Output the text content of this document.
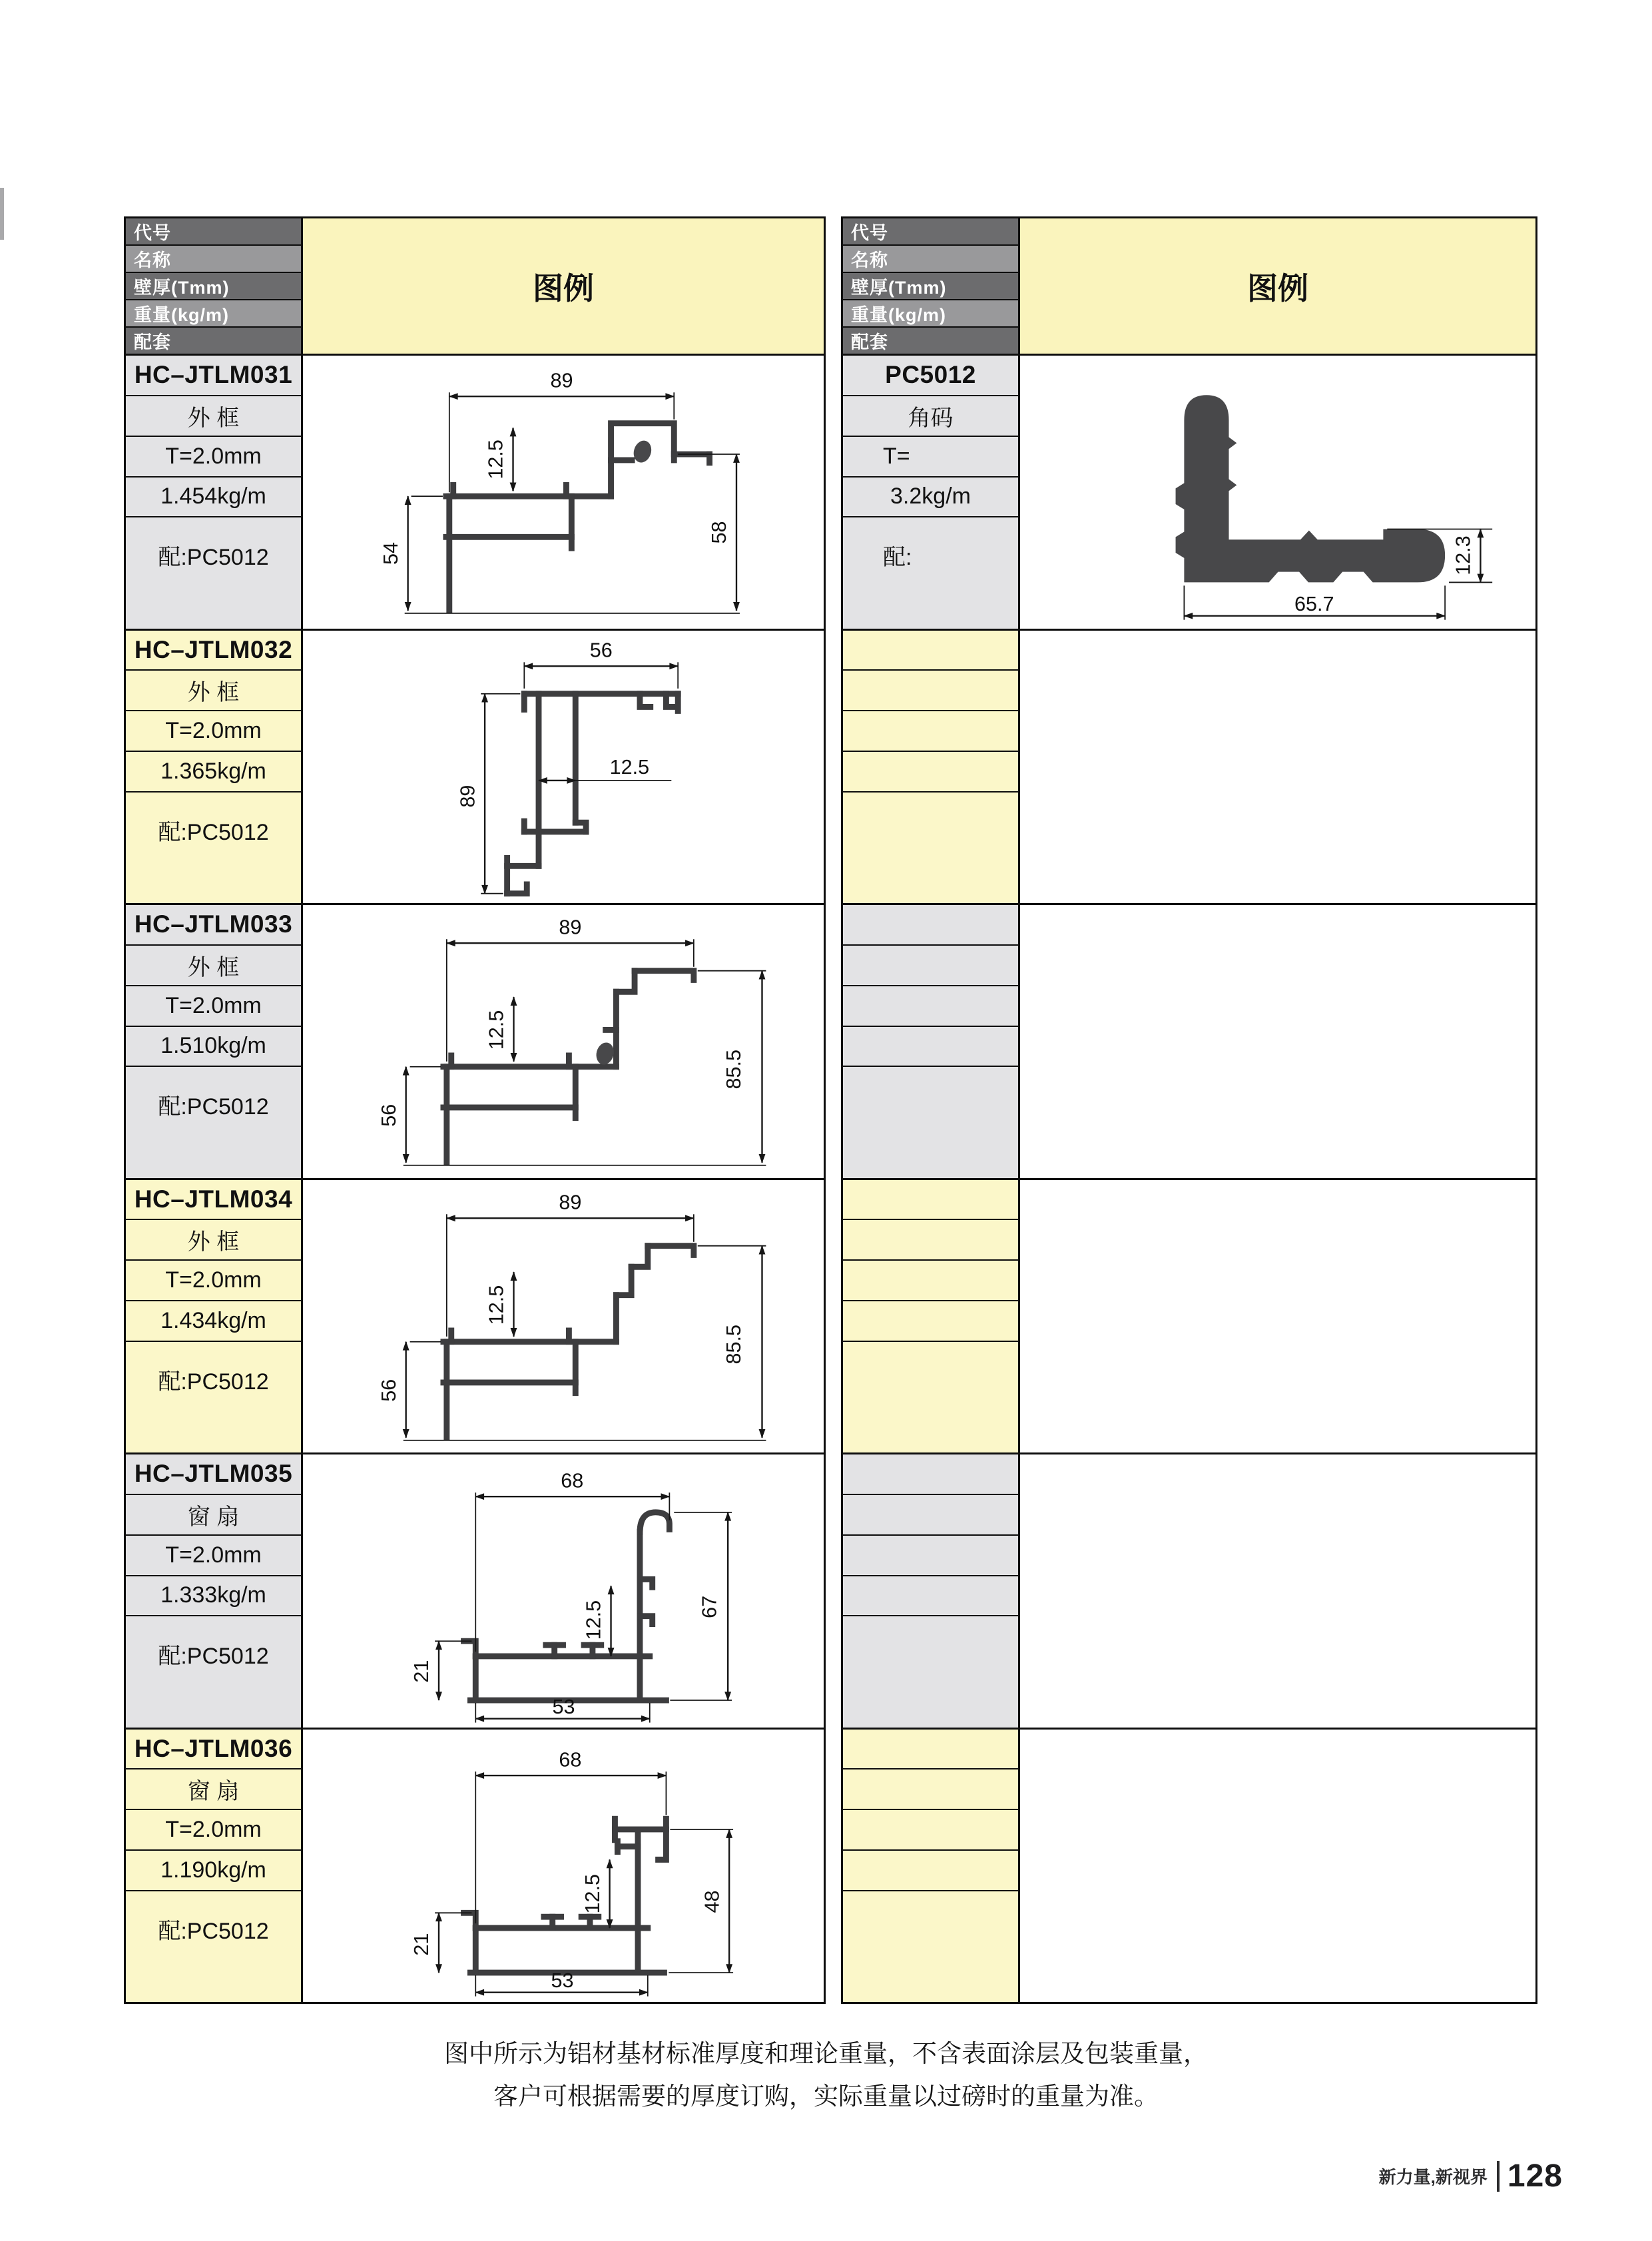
代号
名称
壁厚(Tmm)
重量(kg/m)
配套
图例
HC–JTLM031
外 框
T=2.0mm
1.454kg/m
配:PC5012
89
12.5
54
58
HC–JTLM032
外 框
T=2.0mm
1.365kg/m
配:PC5012
56
89
12.5
HC–JTLM033
外 框
T=2.0mm
1.510kg/m
配:PC5012
89
12.5
56
85.5
HC–JTLM034
外 框
T=2.0mm
1.434kg/m
配:PC5012
89
12.5
56
85.5
HC–JTLM035
窗 扇
T=2.0mm
1.333kg/m
配:PC5012
68
67
12.5
21
53
HC–JTLM036
窗 扇
T=2.0mm
1.190kg/m
配:PC5012
68
48
12.5
21
53
代号
名称
壁厚(Tmm)
重量(kg/m)
配套
图例
PC5012
角码
T=
3.2kg/m
配:
65.7
12.3
图中所示为铝材基材标准厚度和理论重量，不含表面涂层及包装重量，
客户可根据需要的厚度订购，实际重量以过磅时的重量为准。
新力量,新视界 128
